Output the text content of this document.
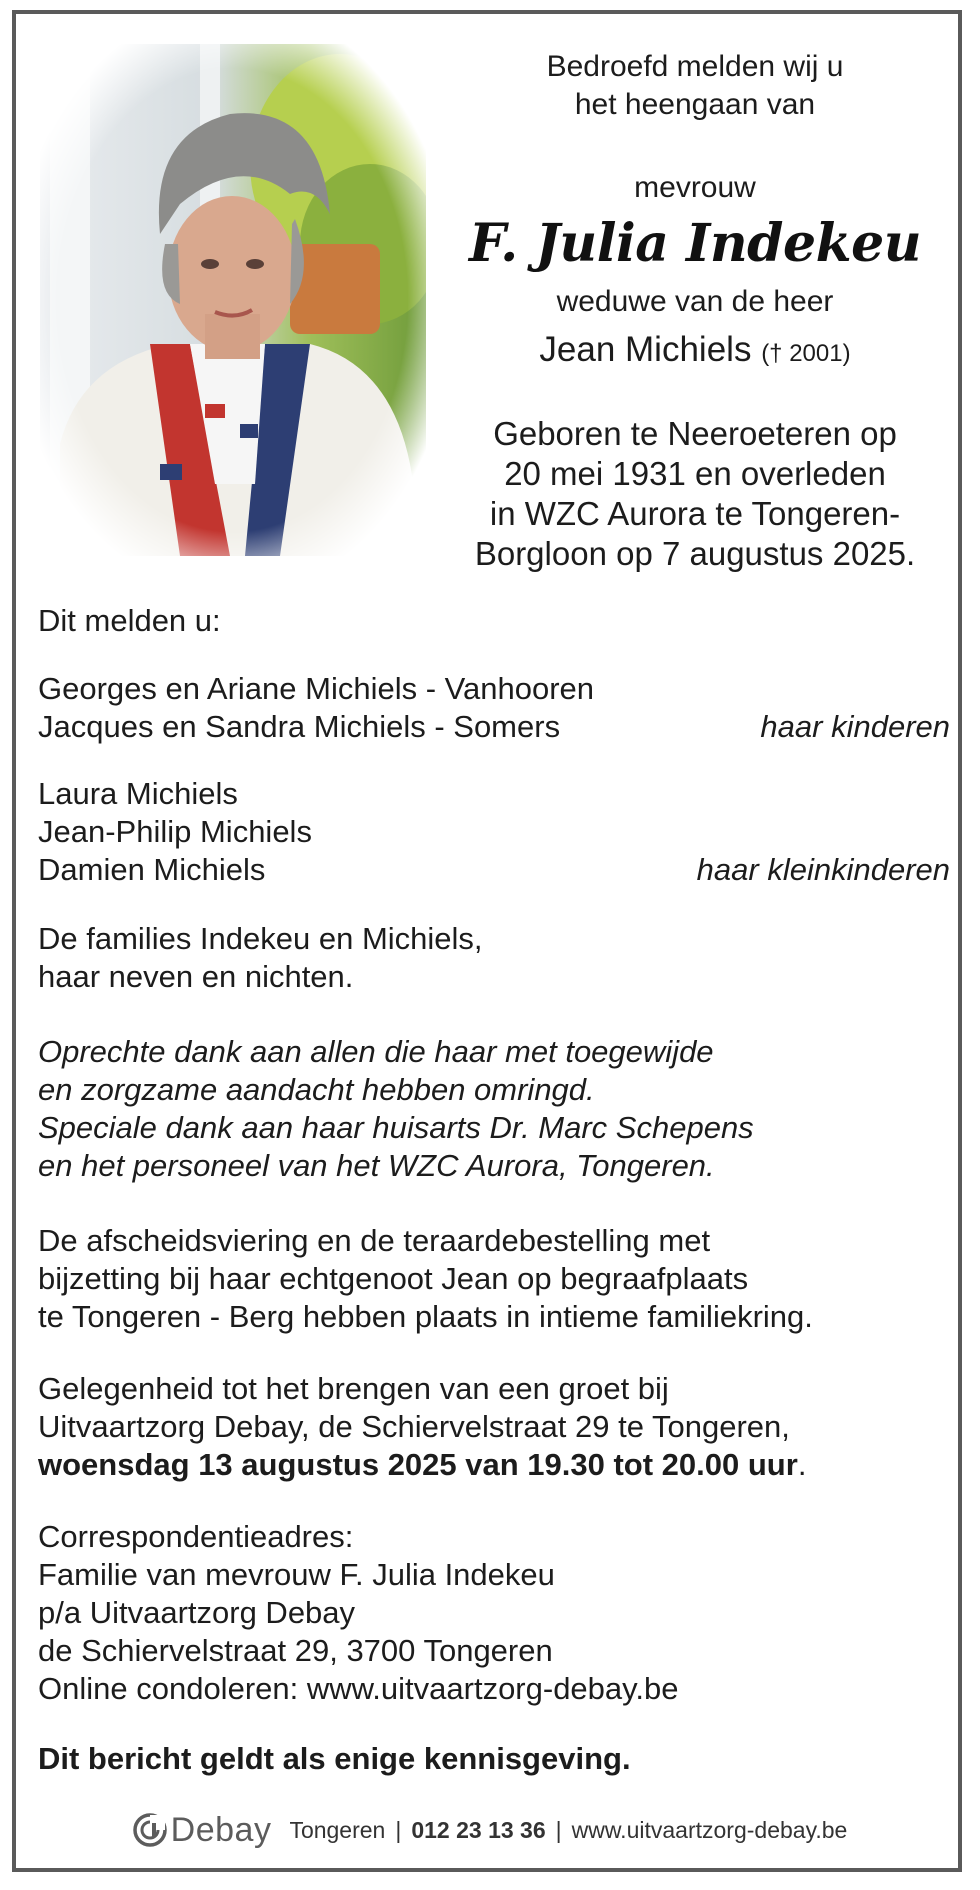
Bedroefd melden wij u
het heengaan van
mevrouw
F. Julia Indekeu
weduwe van de heer
Jean Michiels († 2001)
Geboren te Neeroeteren op
20 mei 1931 en overleden
in WZC Aurora te Tongeren-
Borgloon op 7 augustus 2025.

Dit melden u:

Georges en Ariane Michiels - Vanhooren

Jacques en Sandra Michiels - Somers	haar kinderen

Laura Michiels

Jean-Philip Michiels

Damien Michiels	haar kleinkinderen

De families Indekeu en Michiels,

haar neven en nichten.

Oprechte dank aan allen die haar met toegewijde

en zorgzame aandacht hebben omringd.

Speciale dank aan haar huisarts Dr. Marc Schepens

en het personeel van het WZC Aurora, Tongeren.

De afscheidsviering en de teraardebestelling met

bijzetting bij haar echtgenoot Jean op begraafplaats

te Tongeren - Berg hebben plaats in intieme familiekring.

Gelegenheid tot het brengen van een groet bij

Uitvaartzorg Debay, de Schiervelstraat 29 te Tongeren,

woensdag 13 augustus 2025 van 19.30 tot 20.00 uur.

Correspondentieadres:

Familie van mevrouw F. Julia Indekeu

p/a Uitvaartzorg Debay

de Schiervelstraat 29, 3700 Tongeren

Online condoleren: www.uitvaartzorg-debay.be

Dit bericht geldt als enige kennisgeving.

Debay Tongeren | 012 23 13 36 | www.uitvaartzorg-debay.be
